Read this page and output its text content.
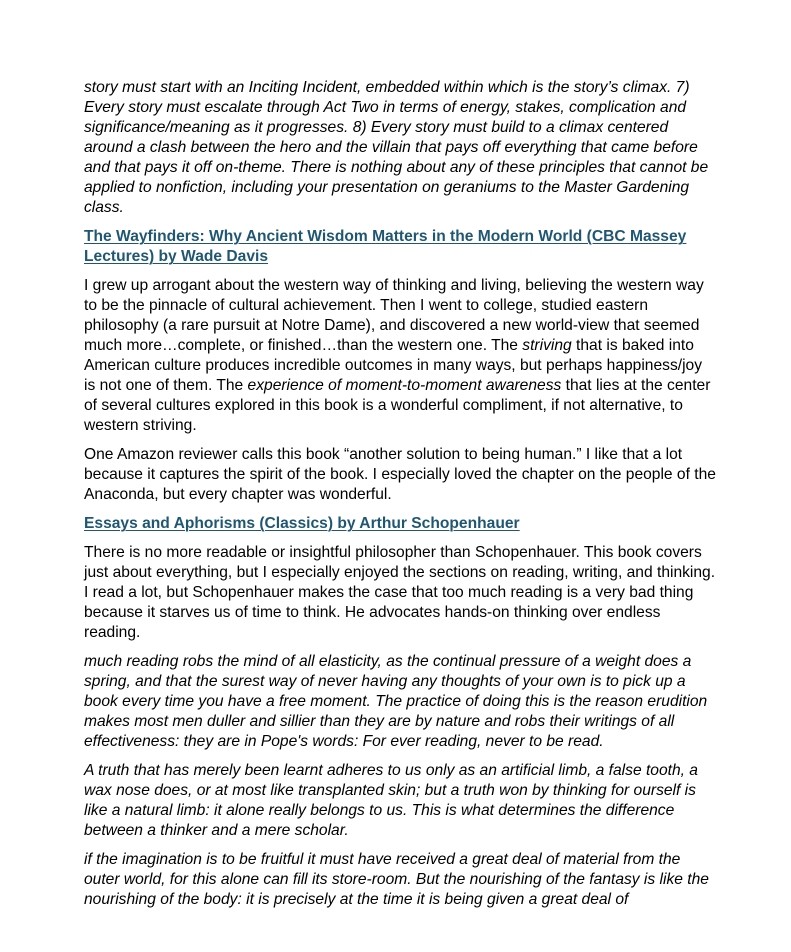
story must start with an Inciting Incident, embedded within which is the story’s climax. 7) Every story must escalate through Act Two in terms of energy, stakes, complication and significance/meaning as it progresses. 8) Every story must build to a climax centered around a clash between the hero and the villain that pays off everything that came before and that pays it off on-theme. There is nothing about any of these principles that cannot be applied to nonfiction, including your presentation on geraniums to the Master Gardening class.

The Wayfinders: Why Ancient Wisdom Matters in the Modern World (CBC Massey Lectures) by Wade Davis

I grew up arrogant about the western way of thinking and living, believing the western way to be the pinnacle of cultural achievement. Then I went to college, studied eastern philosophy (a rare pursuit at Notre Dame), and discovered a new world-view that seemed much more…complete, or finished…than the western one. The striving that is baked into American culture produces incredible outcomes in many ways, but perhaps happiness/joy is not one of them. The experience of moment-to-moment awareness that lies at the center of several cultures explored in this book is a wonderful compliment, if not alternative, to western striving.

One Amazon reviewer calls this book “another solution to being human.” I like that a lot because it captures the spirit of the book. I especially loved the chapter on the people of the Anaconda, but every chapter was wonderful.

Essays and Aphorisms (Classics) by Arthur Schopenhauer

There is no more readable or insightful philosopher than Schopenhauer. This book covers just about everything, but I especially enjoyed the sections on reading, writing, and thinking. I read a lot, but Schopenhauer makes the case that too much reading is a very bad thing because it starves us of time to think. He advocates hands-on thinking over endless reading.

much reading robs the mind of all elasticity, as the continual pressure of a weight does a spring, and that the surest way of never having any thoughts of your own is to pick up a book every time you have a free moment. The practice of doing this is the reason erudition makes most men duller and sillier than they are by nature and robs their writings of all effectiveness: they are in Pope's words: For ever reading, never to be read.

A truth that has merely been learnt adheres to us only as an artificial limb, a false tooth, a wax nose does, or at most like transplanted skin; but a truth won by thinking for ourself is like a natural limb: it alone really belongs to us. This is what determines the difference between a thinker and a mere scholar.

if the imagination is to be fruitful it must have received a great deal of material from the outer world, for this alone can fill its store-room. But the nourishing of the fantasy is like the nourishing of the body: it is precisely at the time it is being given a great deal of
